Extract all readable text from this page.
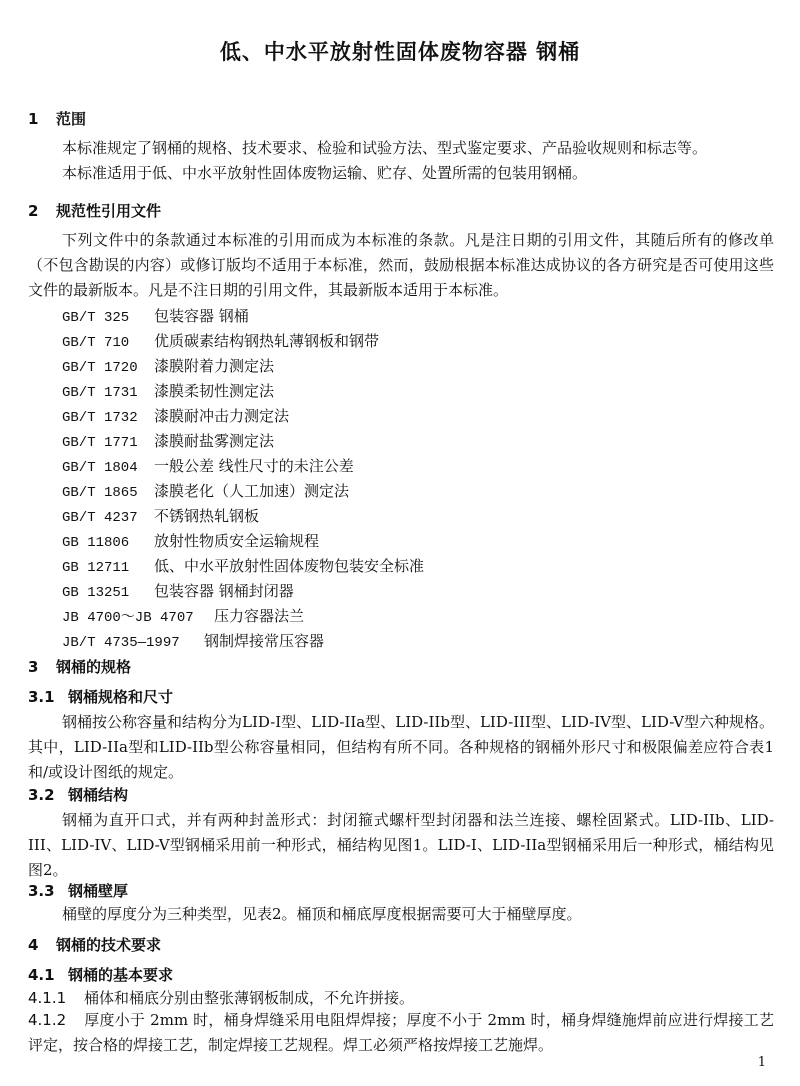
低、中水平放射性固体废物容器 钢桶
1 范围
本标准规定了钢桶的规格、技术要求、检验和试验方法、型式鉴定要求、产品验收规则和标志等。
本标准适用于低、中水平放射性固体废物运输、贮存、处置所需的包装用钢桶。
2 规范性引用文件
下列文件中的条款通过本标准的引用而成为本标准的条款。凡是注日期的引用文件，其随后所有的修改单（不包含勘误的内容）或修订版均不适用于本标准，然而，鼓励根据本标准达成协议的各方研究是否可使用这些文件的最新版本。凡是不注日期的引用文件，其最新版本适用于本标准。
GB/T 325 包装容器 钢桶
GB/T 710 优质碳素结构钢热轧薄钢板和钢带
GB/T 1720 漆膜附着力测定法
GB/T 1731 漆膜柔韧性测定法
GB/T 1732 漆膜耐冲击力测定法
GB/T 1771 漆膜耐盐雾测定法
GB/T 1804 一般公差 线性尺寸的未注公差
GB/T 1865 漆膜老化（人工加速）测定法
GB/T 4237 不锈钢热轧钢板
GB 11806 放射性物质安全运输规程
GB 12711 低、中水平放射性固体废物包装安全标准
GB 13251 包装容器 钢桶封闭器
JB 4700～JB 4707 压力容器法兰
JB/T 4735—1997 钢制焊接常压容器
3 钢桶的规格
3.1 钢桶规格和尺寸
钢桶按公称容量和结构分为LID-I型、LID-IIa型、LID-IIb型、LID-III型、LID-IV型、LID-V型六种规格。其中，LID-IIa型和LID-IIb型公称容量相同，但结构有所不同。各种规格的钢桶外形尺寸和极限偏差应符合表1和/或设计图纸的规定。
3.2 钢桶结构
钢桶为直开口式，并有两种封盖形式：封闭箍式螺杆型封闭器和法兰连接、螺栓固紧式。LID-IIb、LID-III、LID-IV、LID-V型钢桶采用前一种形式，桶结构见图1。LID-I、LID-IIa型钢桶采用后一种形式，桶结构见图2。
3.3 钢桶壁厚
桶壁的厚度分为三种类型，见表2。桶顶和桶底厚度根据需要可大于桶壁厚度。
4 钢桶的技术要求
4.1 钢桶的基本要求
4.1.1 桶体和桶底分别由整张薄钢板制成，不允许拼接。
4.1.2 厚度小于 2mm 时，桶身焊缝采用电阻焊焊接；厚度不小于 2mm 时，桶身焊缝施焊前应进行焊接工艺评定，按合格的焊接工艺，制定焊接工艺规程。焊工必须严格按焊接工艺施焊。
1
